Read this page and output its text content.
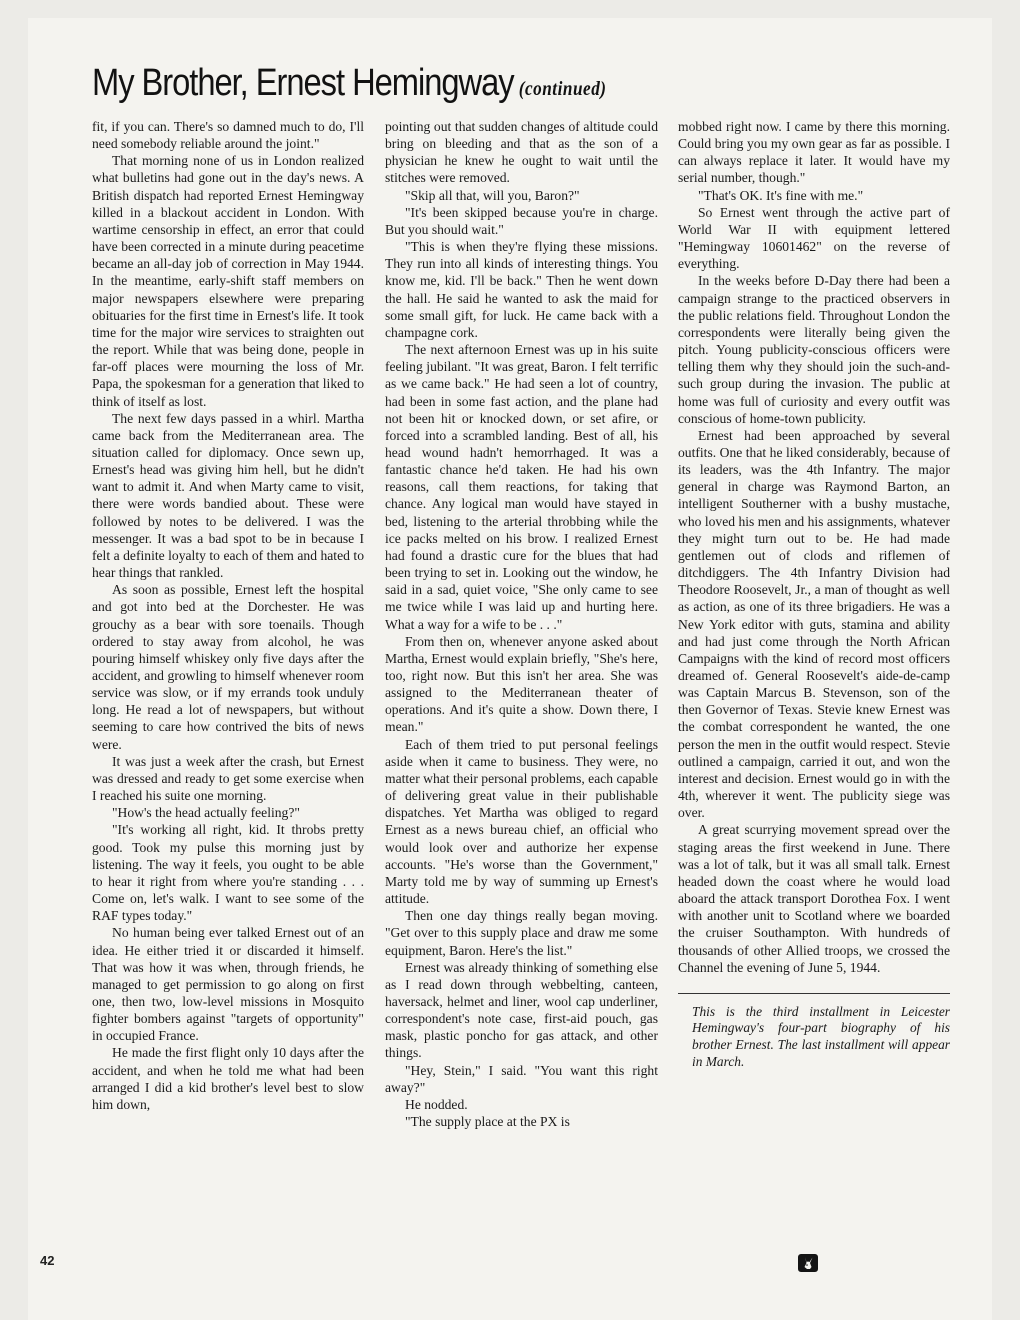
My Brother, Ernest Hemingway (continued)

fit, if you can. There's so damned much to do, I'll need somebody reliable around the joint."

That morning none of us in London realized what bulletins had gone out in the day's news. A British dispatch had reported Ernest Hemingway killed in a blackout accident in London. With wartime censorship in effect, an error that could have been corrected in a minute during peacetime became an all-day job of correction in May 1944. In the meantime, early-shift staff members on major newspapers elsewhere were preparing obituaries for the first time in Ernest's life. It took time for the major wire services to straighten out the report. While that was being done, people in far-off places were mourning the loss of Mr. Papa, the spokesman for a generation that liked to think of itself as lost.

The next few days passed in a whirl. Martha came back from the Mediterranean area. The situation called for diplomacy. Once sewn up, Ernest's head was giving him hell, but he didn't want to admit it. And when Marty came to visit, there were words bandied about. These were followed by notes to be delivered. I was the messenger. It was a bad spot to be in because I felt a definite loyalty to each of them and hated to hear things that rankled.

As soon as possible, Ernest left the hospital and got into bed at the Dorchester. He was grouchy as a bear with sore toenails. Though ordered to stay away from alcohol, he was pouring himself whiskey only five days after the accident, and growling to himself whenever room service was slow, or if my errands took unduly long. He read a lot of newspapers, but without seeming to care how contrived the bits of news were.

It was just a week after the crash, but Ernest was dressed and ready to get some exercise when I reached his suite one morning.

"How's the head actually feeling?"

"It's working all right, kid. It throbs pretty good. Took my pulse this morning just by listening. The way it feels, you ought to be able to hear it right from where you're standing . . . Come on, let's walk. I want to see some of the RAF types today."

No human being ever talked Ernest out of an idea. He either tried it or discarded it himself. That was how it was when, through friends, he managed to get permission to go along on first one, then two, low-level missions in Mosquito fighter bombers against "targets of opportunity" in occupied France.

He made the first flight only 10 days after the accident, and when he told me what had been arranged I did a kid brother's level best to slow him down,

pointing out that sudden changes of altitude could bring on bleeding and that as the son of a physician he knew he ought to wait until the stitches were removed.

"Skip all that, will you, Baron?"

"It's been skipped because you're in charge. But you should wait."

"This is when they're flying these missions. They run into all kinds of interesting things. You know me, kid. I'll be back." Then he went down the hall. He said he wanted to ask the maid for some small gift, for luck. He came back with a champagne cork.

The next afternoon Ernest was up in his suite feeling jubilant. "It was great, Baron. I felt terrific as we came back." He had seen a lot of country, had been in some fast action, and the plane had not been hit or knocked down, or set afire, or forced into a scrambled landing. Best of all, his head wound hadn't hemorrhaged. It was a fantastic chance he'd taken. He had his own reasons, call them reactions, for taking that chance. Any logical man would have stayed in bed, listening to the arterial throbbing while the ice packs melted on his brow. I realized Ernest had found a drastic cure for the blues that had been trying to set in. Looking out the window, he said in a sad, quiet voice, "She only came to see me twice while I was laid up and hurting here. What a way for a wife to be . . ."

From then on, whenever anyone asked about Martha, Ernest would explain briefly, "She's here, too, right now. But this isn't her area. She was assigned to the Mediterranean theater of operations. And it's quite a show. Down there, I mean."

Each of them tried to put personal feelings aside when it came to business. They were, no matter what their personal problems, each capable of delivering great value in their publishable dispatches. Yet Martha was obliged to regard Ernest as a news bureau chief, an official who would look over and authorize her expense accounts. "He's worse than the Government," Marty told me by way of summing up Ernest's attitude.

Then one day things really began moving. "Get over to this supply place and draw me some equipment, Baron. Here's the list."

Ernest was already thinking of something else as I read down through webbelting, canteen, haversack, helmet and liner, wool cap underliner, correspondent's note case, first-aid pouch, gas mask, plastic poncho for gas attack, and other things.

"Hey, Stein," I said. "You want this right away?"

He nodded.

"The supply place at the PX is

mobbed right now. I came by there this morning. Could bring you my own gear as far as possible. I can always replace it later. It would have my serial number, though."

"That's OK. It's fine with me."

So Ernest went through the active part of World War II with equipment lettered "Hemingway 10601462" on the reverse of everything.

In the weeks before D-Day there had been a campaign strange to the practiced observers in the public relations field. Throughout London the correspondents were literally being given the pitch. Young publicity-conscious officers were telling them why they should join the such-and-such group during the invasion. The public at home was full of curiosity and every outfit was conscious of home-town publicity.

Ernest had been approached by several outfits. One that he liked considerably, because of its leaders, was the 4th Infantry. The major general in charge was Raymond Barton, an intelligent Southerner with a bushy mustache, who loved his men and his assignments, whatever they might turn out to be. He had made gentlemen out of clods and riflemen of ditchdiggers. The 4th Infantry Division had Theodore Roosevelt, Jr., a man of thought as well as action, as one of its three brigadiers. He was a New York editor with guts, stamina and ability and had just come through the North African Campaigns with the kind of record most officers dreamed of. General Roosevelt's aide-de-camp was Captain Marcus B. Stevenson, son of the then Governor of Texas. Stevie knew Ernest was the combat correspondent he wanted, the one person the men in the outfit would respect. Stevie outlined a campaign, carried it out, and won the interest and decision. Ernest would go in with the 4th, wherever it went. The publicity siege was over.

A great scurrying movement spread over the staging areas the first weekend in June. There was a lot of talk, but it was all small talk. Ernest headed down the coast where he would load aboard the attack transport Dorothea Fox. I went with another unit to Scotland where we boarded the cruiser Southampton. With hundreds of thousands of other Allied troops, we crossed the Channel the evening of June 5, 1944.

This is the third installment in Leicester Hemingway's four-part biography of his brother Ernest. The last installment will appear in March.

42
